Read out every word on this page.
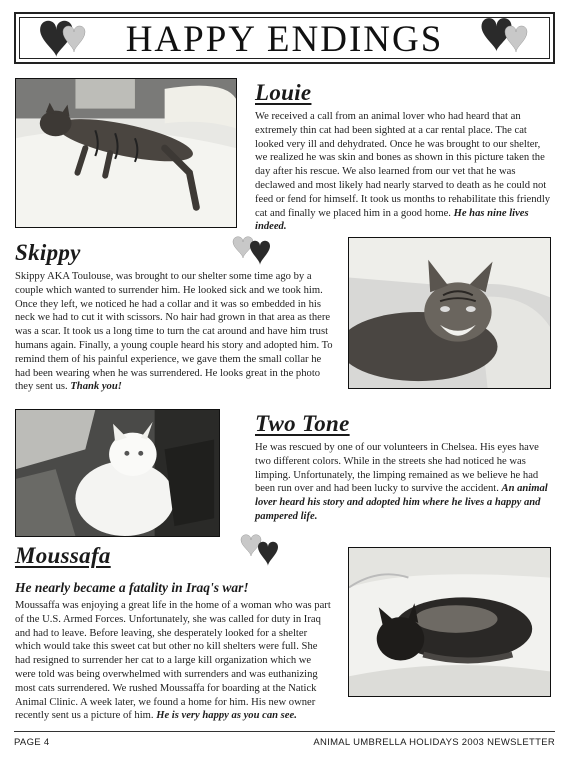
HAPPY ENDINGS
Louie
We received a call from an animal lover who had heard that an extremely thin cat had been sighted at a car rental place. The cat looked very ill and dehydrated. Once he was brought to our shelter, we realized he was skin and bones as shown in this picture taken the day after his rescue. We also learned from our vet that he was declawed and most likely had nearly starved to death as he could not feed or fend for himself. It took us months to rehabilitate this friendly cat and finally we placed him in a good home. He has nine lives indeed.
Skippy
Skippy AKA Toulouse, was brought to our shelter some time ago by a couple which wanted to surrender him. He looked sick and we took him. Once they left, we noticed he had a collar and it was so embedded in his neck we had to cut it with scissors. No hair had grown in that area as there was a scar. It took us a long time to turn the cat around and have him trust humans again. Finally, a young couple heard his story and adopted him. To remind them of his painful experience, we gave them the small collar he had been wearing when he was surrendered. He looks great in the photo they sent us. Thank you!
Two Tone
He was rescued by one of our volunteers in Chelsea. His eyes have two different colors. While in the streets she had noticed he was limping. Unfortunately, the limping remained as we believe he had been run over and had been lucky to survive the accident. An animal lover heard his story and adopted him where he lives a happy and pampered life.
Moussafa
He nearly became a fatality in Iraq's war!
Moussaffa was enjoying a great life in the home of a woman who was part of the U.S. Armed Forces. Unfortunately, she was called for duty in Iraq and had to leave. Before leaving, she desperately looked for a shelter which would take this sweet cat but other no kill shelters were full. She had resigned to surrender her cat to a large kill organization which we were told was being overwhelmed with surrenders and was euthanizing most cats surrendered. We rushed Moussaffa for boarding at the Natick Animal Clinic. A week later, we found a home for him. His new owner recently sent us a picture of him. He is very happy as you can see.
PAGE 4	ANIMAL UMBRELLA HOLIDAYS 2003 NEWSLETTER
